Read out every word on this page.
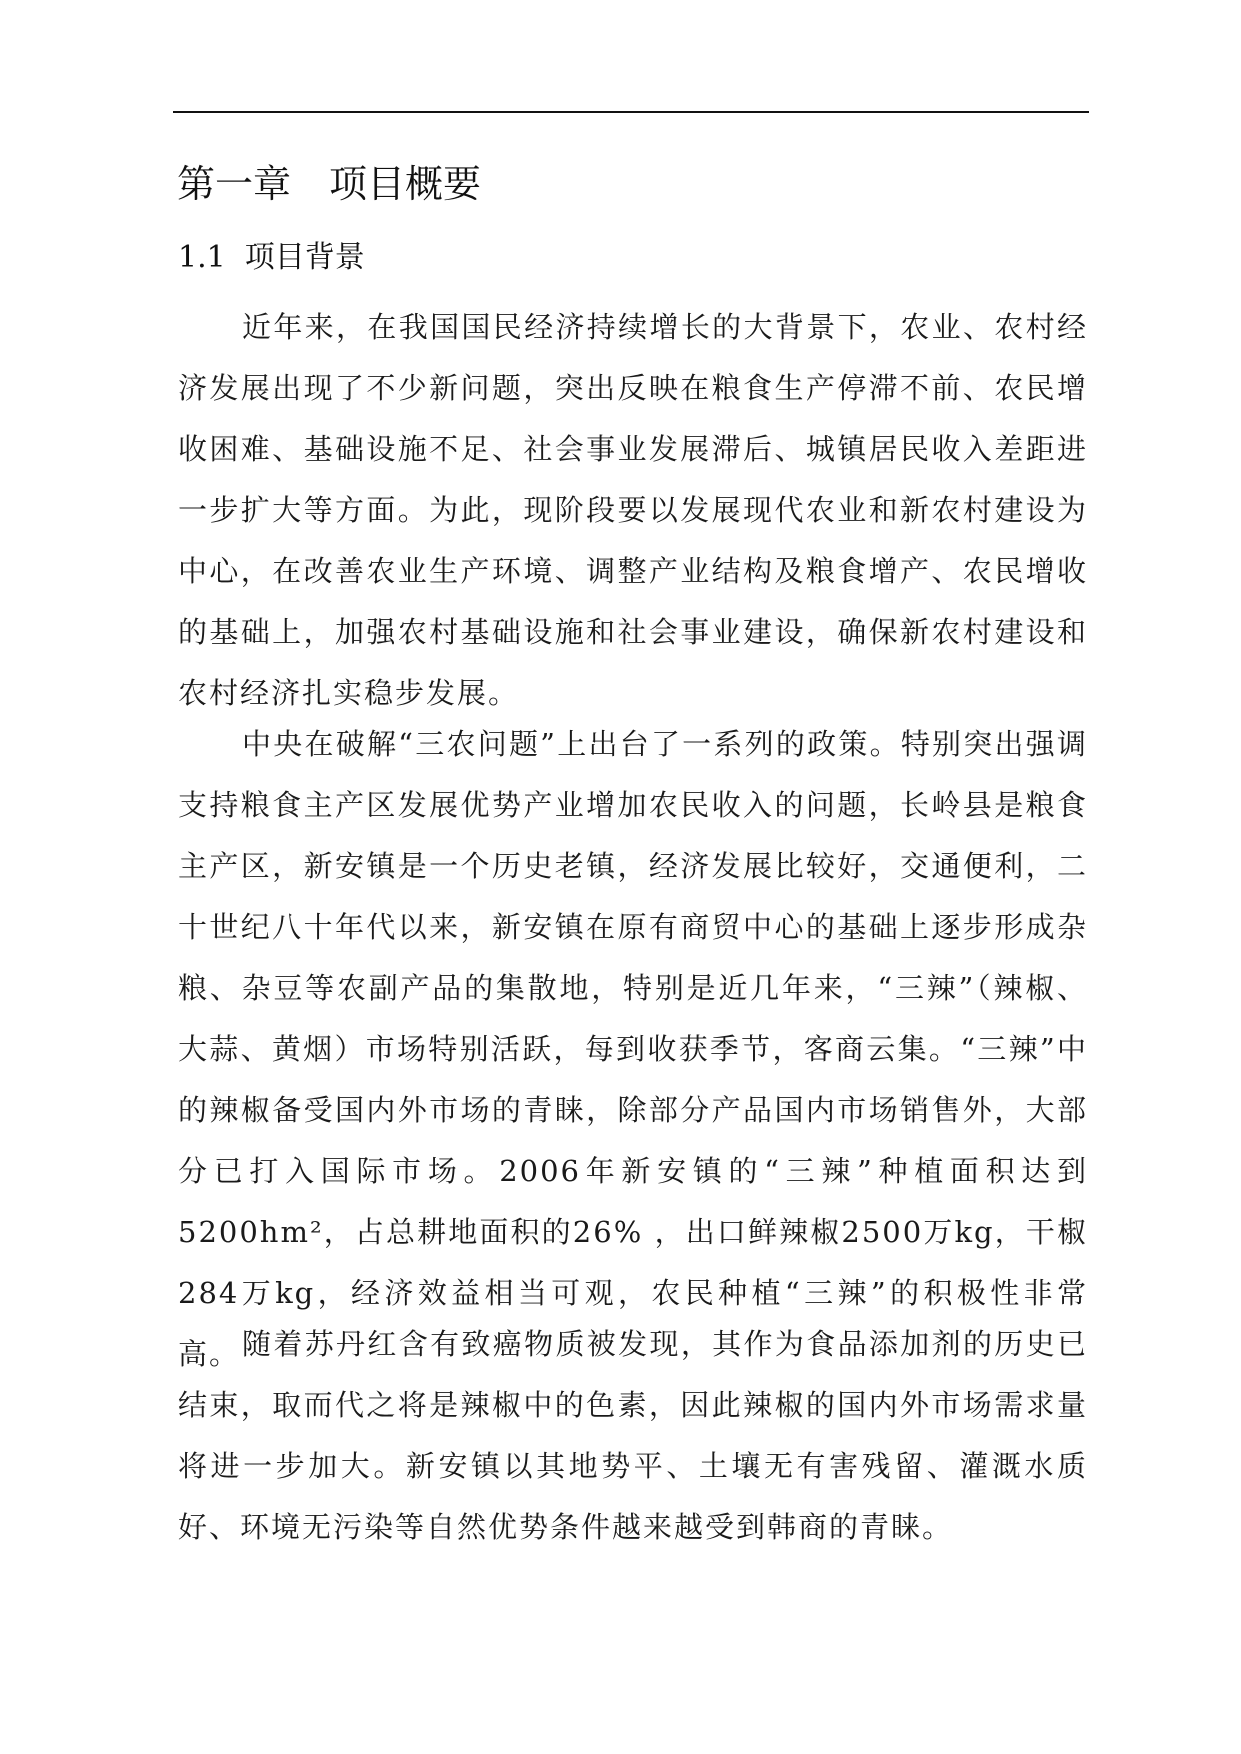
第一章　项目概要
1.1  项目背景

近年来，在我国国民经济持续增长的大背景下，农业、农村经济发展出现了不少新问题，突出反映在粮食生产停滞不前、农民增收困难、基础设施不足、社会事业发展滞后、城镇居民收入差距进一步扩大等方面。为此，现阶段要以发展现代农业和新农村建设为中心，在改善农业生产环境、调整产业结构及粮食增产、农民增收的基础上，加强农村基础设施和社会事业建设，确保新农村建设和农村经济扎实稳步发展。

中央在破解“三农问题”上出台了一系列的政策。特别突出强调支持粮食主产区发展优势产业增加农民收入的问题，长岭县是粮食主产区，新安镇是一个历史老镇，经济发展比较好，交通便利，二十世纪八十年代以来，新安镇在原有商贸中心的基础上逐步形成杂粮、杂豆等农副产品的集散地，特别是近几年来，“三辣”（辣椒、大蒜、黄烟）市场特别活跃，每到收获季节，客商云集。“三辣”中的辣椒备受国内外市场的青睐，除部分产品国内市场销售外，大部分已打入国际市场。2006年新安镇的“三辣”种植面积达到5200hm²，占总耕地面积的26% ，出口鲜辣椒2500万kg，干椒284万kg，经济效益相当可观，农民种植“三辣”的积极性非常高。 随着苏丹红含有致癌物质被发现，其作为食品添加剂的历史已结束，取而代之将是辣椒中的色素，因此辣椒的国内外市场需求量将进一步加大。新安镇以其地势平、土壤无有害残留、灌溉水质好、环境无污染等自然优势条件越来越受到韩商的青睐。
